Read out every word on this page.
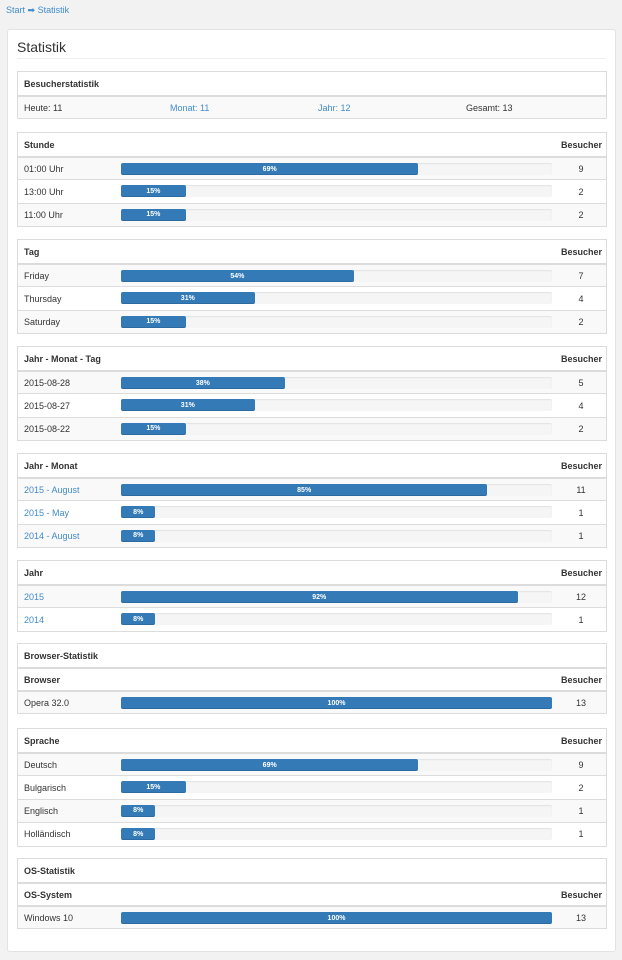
Start ➡ Statistik
Statistik
Besucherstatistik
Heute: 11	Monat: 11	Jahr: 12	Gesamt: 13
Stunde	Besucher
01:00 Uhr	69%	9
13:00 Uhr	15%	2
11:00 Uhr	15%	2
Tag	Besucher
Friday	54%	7
Thursday	31%	4
Saturday	15%	2
Jahr - Monat - Tag	Besucher
2015-08-28	38%	5
2015-08-27	31%	4
2015-08-22	15%	2
Jahr - Monat	Besucher
2015 - August	85%	11
2015 - May	8%	1
2014 - August	8%	1
Jahr	Besucher
2015	92%	12
2014	8%	1
Browser-Statistik
Browser	Besucher
Opera 32.0	100%	13
Sprache	Besucher
Deutsch	69%	9
Bulgarisch	15%	2
Englisch	8%	1
Holländisch	8%	1
OS-Statistik
OS-System	Besucher
Windows 10	100%	13
